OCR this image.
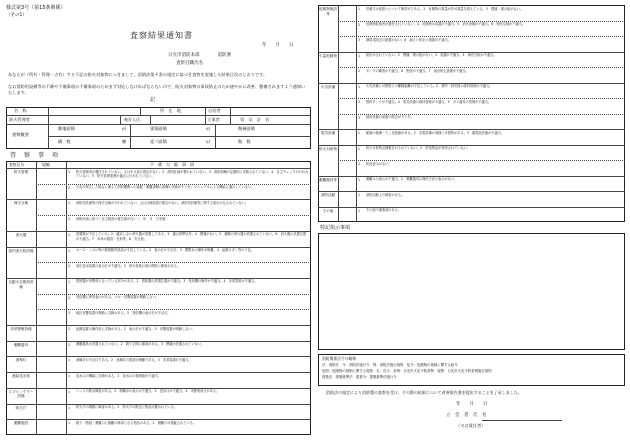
様式第3号（第15条関係）
（その1）
査察結果通知書
年　　月　　日
日光市消防本部　　　　消防署
査察目職氏名
あなたが（所有・管理・占有）する下記の防火対象物につきまして、消防法第４条の規定に基づき査察を実施した結果日次のとおりです。
なお消防用設備等の不備や不備事項の不備事項のためまず対応しなければならないので、防火対象物の事故防止のため速やかに改善、整備されますよう通知いたします。
記
名　称	所　在　地	自治者
防火管理者	被存人氏	立事者	男　女　計　名
建物概要
敷地面積	㎡	建築面積	㎡	階層面積
構　数	棟	延べ面積	㎡	階　数
査　察　事　項
査察区分	規編	不　備　欠　陥　事　項
防火管理	1 防火管理者が選任されていない。又は中止届の提出がない。3　消防計画が整われていない。3　消防訓練が定期的に実施されていない。4　自主チェックが行われていない。5　防火管理業務が適正に行われていない。
2 火災が発生した場合に備えて消防機関への通報・避難誘導の訓練の実施が不十分。マニュアルによる機能に適合していない。
保守点検	1 消防用設備等の保守点検が行われていない。又は点検結果の報告がない。消防用設備等に関する届出がなされていない。
2 消防計画に基づく自主検査の報告書がない（　年　月　日実施）
消火器	1 設置数が不足している。2　適応しない消火器が設置してある。3　適合基準以外。4　標識がない。5　種類の消火器が設置されていない。6　消火器の設置位置が不適当。7　本体が腐食・変形等。8　安全栓。
屋内消火栓設備	1 ホース・ノズル等の格納箱内部品が不足している。2　表示灯が不点灯。3　開閉弁の操作が困難。4　起動ボタン等の不良。
2 加圧送水装置の表示灯が不適当。3　消火栓箱の扉の開放に障害がある。
自動火災報知設備
1 感知器が未警戒となっている部分がある。2　感知器の設置位置が不適当。3　受信機の操作が不適当。4　非常電源が不適当。
2 受信機に異常表示がある。ベル・音響装置が鳴動しない。
3 地区音響装置の鳴動に支障がある。5　発信機の表示灯が不点灯。
非常警報設備	1 起動装置の操作部に支障がある。2　表示灯が不適当。3　音響装置が鳴動しない。
避難器具	1 避難器具が設置されていない。2　降下空間に障害がある。3　標識が設置されていない。
誘導灯	1 誘導灯が不点灯である。2　誘導灯の視認が困難である。3　非常電源が不適当。
連結送水管	1 送水口の機能に支障がある。2　放水口の格納箱が不適当。
スプリンクラー設備
1 ヘッドの散水障害がある。2　制御弁の表示が不適当。3　送水口が不適当。4　未警戒部分がある。
防火戸	1 防火戸の閉鎖に障害がある。2　防火戸の附近に物品が置かれている。
避難施設	1 廊下・階段・避難口に避難の障害となる物品がある。2　避難口が施錠されている。
危険物施設等
1 貯蔵又は取扱いについて無許可である。2　危険物の数量が許可数量を超えている。3　標識・掲示板がない。
2 危険物取扱者が選任されていない。4　危険物の容器が不適当。5　消火設備が不適当。6　保有空地が不適当。
3 静電気除去の措置がない。8　漏えい防止の措置が不適当。
少量危険物	1 届出がされていない。2　標識・掲示板がない。3　容器が不適当。4　保有空地が不適当。
2 タンクの構造が不適当。6　配管が不適当。7　流出防止措置が不適当。
火気設備	1 火気設備と可燃物との離隔距離が不足している。2　煙突・排気筒の維持管理が不適当。
2 燃料タンクが不適当。4　電気設備の維持管理が不適当。5　ガス器具の管理が不適当。
3 厨房設備の油脂の除去が不十分。
電気設備	1 配線の損傷・たこ足配線がある。2　変電設備の周囲に可燃物がある。3　蓄電池設備が不適当。
防火対象物	1 防火対象物点検報告がされていない。2　防炎物品が使用されていない。
2 防炎表示がない。
避難器具等	1 避難ロの表示が不適当。2　避難器具の操作方法の表示がない。
消防活動	1 消防活動上の障害がある。
その他	1 その他不備事項がある。
特記指示事項
消防関係法令の略称
法：消防法　令：消防法施行令　則：消防法施行規則　危令：危険物の規制に関する政令
危則：危険物の規制に関する規則　告：告示　条例：日光市火災予防条例　規則：日光市火災予防条例施行規則
建基法：建築基準法　建基令：建築基準法施行令
消防法の規定により消防署の査察を受け、その際の結果について改善報告書を提出することを了承しました。
年　　月　　日
立　会　者　氏　名
（又は責任者）
